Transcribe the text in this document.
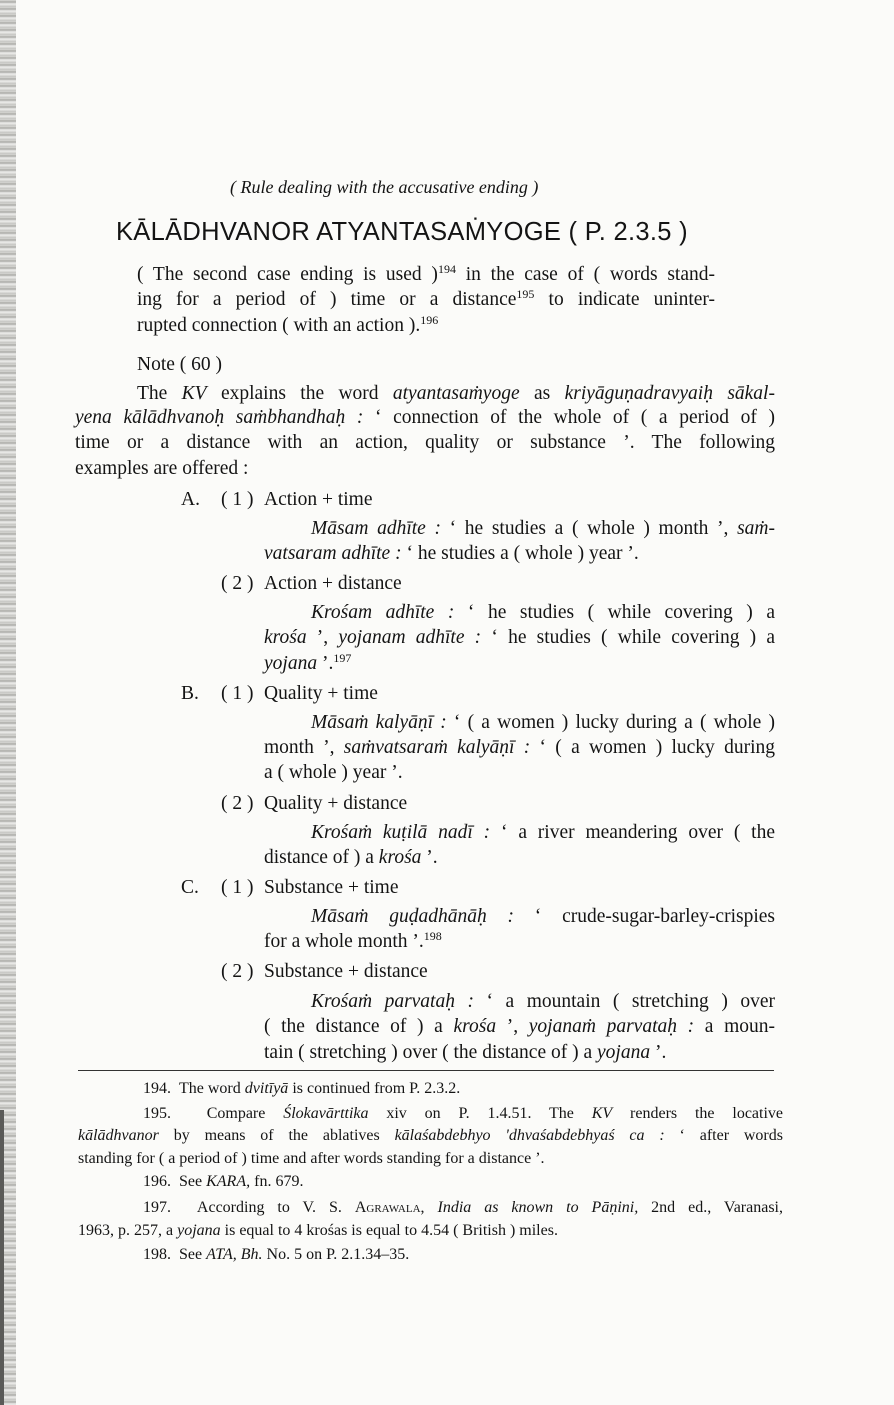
( Rule dealing with the accusative ending )
KĀLĀDHVANOR ATYANTASAṀYOGE ( P. 2.3.5 )
( The second case ending is used )$^{194}$ in the case of ( words stand-
ing for a period of ) time or a distance$^{195}$ to indicate uninter-
rupted connection ( with an action ).$^{196}$
Note ( 60 )
The KV explains the word atyantasaṁyoge as kriyāguṇadravyaiḥ sākal-
yena kālādhvanoḥ saṁbhandhaḥ : ‘ connection of the whole of ( a period of )
time or a distance with an action, quality or substance ’. The following
examples are offered :
A. ( 1 ) Action + time
Māsam adhīte : ‘ he studies a ( whole ) month ’, saṁ-
vatsaram adhīte : ‘ he studies a ( whole ) year ’.
( 2 ) Action + distance
Krośam adhīte : ‘ he studies ( while covering ) a
krośa ’, yojanam adhīte : ‘ he studies ( while covering ) a
yojana ’.$^{197}$
B. ( 1 ) Quality + time
Māsaṁ kalyāṇī : ‘ ( a women ) lucky during a ( whole )
month ’, saṁvatsaraṁ kalyāṇī : ‘ ( a women ) lucky during
a ( whole ) year ’.
( 2 ) Quality + distance
Krośaṁ kuṭilā nadī : ‘ a river meandering over ( the
distance of ) a krośa ’.
C. ( 1 ) Substance + time
Māsaṁ guḍadhānāḥ : ‘ crude-sugar-barley-crispies
for a whole month ’.$^{198}$
( 2 ) Substance + distance
Krośaṁ parvataḥ : ‘ a mountain ( stretching ) over
( the distance of ) a krośa ’, yojanaṁ parvataḥ : a moun-
tain ( stretching ) over ( the distance of ) a yojana ’.
194. The word dvitīyā is continued from P. 2.3.2.
195. Compare Ślokavārttika xiv on P. 1.4.51. The KV renders the locative
kālādhvanor by means of the ablatives kālaśabdebhyo 'dhvaśabdebhyaś ca : ‘ after words
standing for ( a period of ) time and after words standing for a distance ’.
196. See KARA, fn. 679.
197. According to V. S. Agrawala, India as known to Pāṇini, 2nd ed., Varanasi,
1963, p. 257, a yojana is equal to 4 krośas is equal to 4.54 ( British ) miles.
198. See ATA, Bh. No. 5 on P. 2.1.34–35.
